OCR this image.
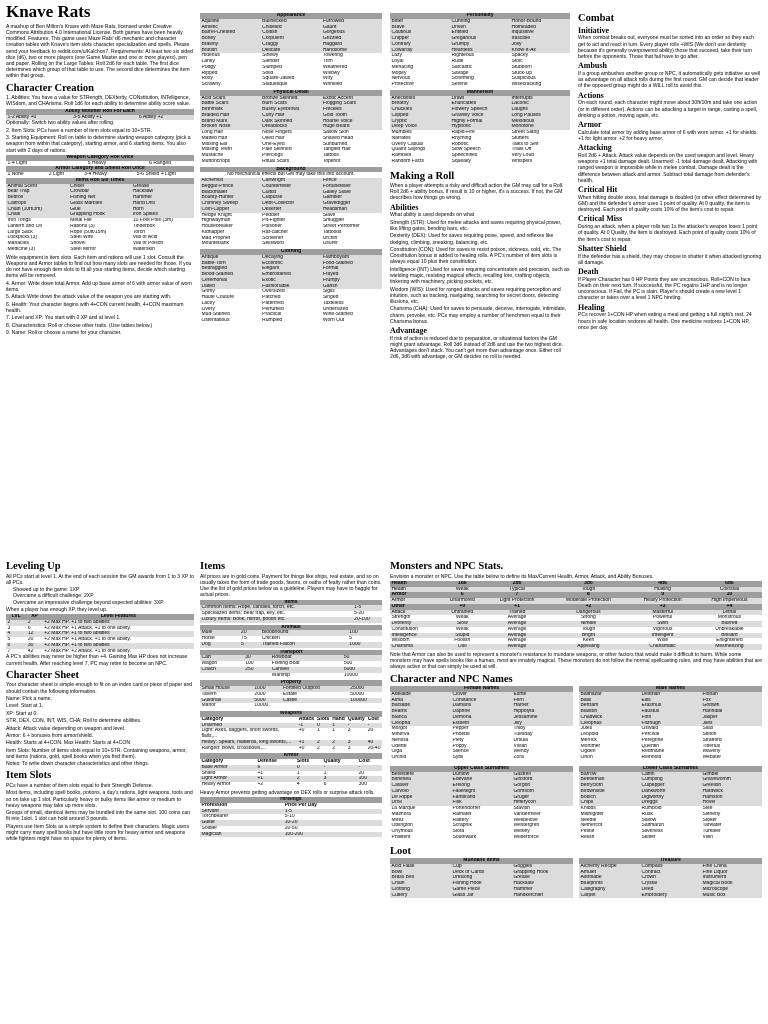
Knave Rats

A mashup of Ben Milton's Knave with Maze Rats, licensed under Creative Commons Attribution 4.0 International License. Both games have been heavily modified. Features: This game uses Maze Rats' d6 mechanic and character creation tables with Knave's item slots character specialization and spells. Please send your feedback to reddit.com/u/Kalchon7. Requirements: At least two six sided dice (d6), two or more players (one Game Master and one or more players), pen and paper. Rolling on the Large Tables: Roll 2d6 for each table. The first dice determines which group of that table to use. The second dice determines the item within that group.

Character Creation

1. Abilities: You have a value for STRength, DEXterity, CONstitution, INTelligence, WISdom, and CHArisma. Roll 1d6 for each ability to determine ability score value.

Ability Modifier Roll For Each
1-2 Ability +0	3-5 Ability +1	6 Ability +2

Optionally: Switch two ability values after rolling.

2. Item Slots: PCs have a number of item slots equal to 10+STR.

3. Starting Equipment: Roll on table to determine starting weapon category (pick a weapon from within that category), starting armor, and 6 starting items. You also start with 2 days of rations.

Weapon Category Roll Once
1-4 Light	5 Heavy	6 Ranged
Armor Category and Shield Roll Once
1 None	2 Light	3-4 Heavy	5-6 Shield + Light
Items Roll Six Times		
Animal Scent	Chisel	Grease
Bear Trap	Crowbar	Hacksaw
Bedroll	Fishing Net	Hammer
Caltrops	Glass Marbles	Hand Drill
Chain (10ft/3m)	Glue	Horn
Chalk	Grappling Hook	Iron Spikes
Iron Tongs	Metal File	10 Foot Pole (3m)
Lantern and Oil	Rations (3)	Tinderbox
Large Sack	Rope (50ft/15m)	Torch
Lockpicks (3)	Steel Wire	Vial of Acid
Manacles	Shovel	Vial of Poison
Medicine (3)	Steel Mirror	Waterskin

Write equipment in item slots. Each item and rations will use 1 slot. Consult the Weapons and Armor tables to find out how many slots are needed for those. If you do not have enough item slots to fit all your starting items, decide which starting items will be removed.

4. Armor: Write down total Armor. Add up base armor of 6 with armor value of worn items.

5. Attack Write down the attack value of the weapon you are starting with.

6. Health: Your character begins with 4+CON current health, 4+CON maximum health.

7. Level and XP: You start with 0 XP and at level 1.

8. Characteristics: Roll or choose other traits. (Use tables below.)

9. Name: Roll or choose a name for your character.

Appearance		
Aquiline	Bullnecked	Furrowed
Athletic	Chiseled	Gaunt
Barrel-Chested	Coltish	Gorgeous
Boney	Corpulent	Grizzled
Brawny	Craggy	Haggard
Brutish	Delicate	Handsome
Hideous	Sinewy	Towering
Lanky	Slender	Trim
Pudgy	Slumped	Weathered
Ripped	Solid	Willowy
Rosy	Square-Jawed	Wiry
Scrawny	Statuesque	Wrinkled
Physical Detail		
Acid Scars	Bronze Skinned	Exotic Accent
Battle Scars	Burn Scars	Flogging Scars
Birthmark	Bushy Eyebrows	Freckles
Braided Hair	Curly Hair	Gold Tooth
Brand Mark	Dark Skinned	Hoarse Voice
Broken Nose	Dreadlocks	Huge Beard
Long Hair	Nose Fingers	Sallow Skin
Matted Hair	Oiled Hair	Shaved Head
Missing Ear	One-Eyed	Sunburned
Missing Teeth	Pale Skinned	Tangled Hair
Mustache	Piercings	Tattoos
Muttonchops	Ritual Scars	Topknot
Background		
No mechanical effects but GM may take this into account.		
Alchemist	Cartwright	Fence
Beggar-Prince	Counterfeiter	Fortuneteller
Blackmailer	Cultist	Galley Slave
Bounty-Hunter	Cutpurse	Gambler
Chimney Sweep	Debt-Collector	Gravedigger
Coin-Clipper	Deserter	Headsman
Hedge Knight	Peddler	Slave
Highwayman	Pit-Fighter	Smuggler
Housebreaker	Poisoner	Street Performer
Kidnapper	Rat-catcher	Tattooist
Mad Prophet	Scrivener	Urchin
Mountebank	Sellsword	Usurer
Clothing		
Antique	Decaying	Flamboyant
Battle-Torn	Eccentric	Food-Stained
Bedraggled	Elegant	Formal
Blood-Stained	Embroidered	Frayed
Ceremonial	Exotic	Frumpy
Dated	Fashionable	Garish
Grimy	Oversized	Sigils
Haute Couture	Patched	Singed
Lacey	Patterned	Tasteless
Livery	Perfumed	Undersized
Mud-Stained	Practical	Wine-Stained
Ostentatious	Rumpled	Worn Out
Personality		
Bitter	Cunning	Honor-Bound
Brave	Driven	Hotheaded
Cautious	Entitled	Inquisitive
Chipper	Gregarious	Irascible
Contrary	Grumpy	Jolly
Cowardly	Heartless	Know-It-All
Lazy	Righteous	Spacey
Loyal	Rude	Stoic
Menacing	Sarcastic	Stubborn
Mopey	Savage	Stuck-Up
Nervous	Scheming	Suspicious
Protective	Serene	Wisecracking
Mannerism		
Anecdotes	Drawl	Interrupts
Breathy	Enunciates	Laconic
Chuckles	Flowery Speech	Laughs
Clipped	Gravelly Voice	Long Pauses
Cryptic	Highly Formal	Melodious
Deep Voice	Hypnotic	Monotone
Mumbles	Rapid-Fire	Street Slang
Narrates	Rhyming	Stutters
Overly Casual	Robotic	Talks to Self
Quaint Sayings	Slow Speech	Trails Off
Rambles	Speechifies	Very Loud
Random Facts	Squeaky	Whispers
Making a Roll

When a player attempts a risky and difficult action the GM may call for a Roll. Roll 2d6 + ability bonus. If result is 10 or higher, it's a success. If not, the GM describes how things go wrong.

Abilities

What ability is used depends on what

Strength (STR): Used for melee attacks and saves requiring physical power, like lifting gates, bending bars, etc.

Dexterity (DEX): Used for saves requiring poise, speed, and reflexes like dodging, climbing, sneaking, balancing, etc.

Constitution (CON): Used for saves to resist poison, sickness, cold, etc. The Constitution bonus is added to healing rolls. A PC's number of item slots is always equal 10 plus their constitution.

Intelligence (INT) Used for saves requiring concentration and precision, such as wielding magic, resisting magical effects, recalling lore, crafting objects, tinkering with machinery, picking pockets, etc.

Wisdom (WIS): Used for ranged attacks and saves requiring perception and intuition, such as tracking, navigating, searching for secret doors, detecting illusions, etc.

Charisma (CHA): Used for saves to persuade, deceive, interrogate, intimidate, charm, provoke, etc. PCs may employ a number of henchmen equal to their Charisma bonus.

Advantage

If risk of action is reduced due to preparation, or situational factors the GM might grant advantage. Roll 3d6 instead of 2d6 and use the two highest dice. Advantages don't stack. You can't get more than advantage once. Either roll 2d6, 3d6 with advantage, or GM decides no roll is needed.

Combat
Initiative

When combat breaks out, everyone must be sorted into an order so they each get to act and react in turn. Every player rolls +WIS (We don't use dexterity because it's generally overpowered ability) those that succeed, take their turn before the opponents. Those that fail have to go after.

Ambush

If a group ambushes another group or NPC, it automatically gets initiative as well as advantage on all attack rolls during the first round. GM can decide that leader of the opposed group might do a WILL roll to avoid this.

Actions

On each round, each character might move about 30ft/10m and take one action (or in different order). Actions can be attacking a target in range, casting a spell, drinking a potion, moving again, etc.

Armor

Calculate total armor by adding base armor of 6 with worn armor. +1 for shields. +1 for light armor. +2 for heavy armor.

Attacking

Roll 2d6 + Attack. Attack value depends on the used weapon and level. Heavy weapons +1 total damage dealt. Unarmed: -1 total damage dealt. Attacking with ranged weapon is impossible while in melee combat. Damage dealt is the difference between attack and armor. Subtract total damage from defender's health.

Critical Hit

When hitting double sixes, total damage is doubled (or other effect determined by GM) and the defender's armor uses 1 point of quality. At 0 quality, the item is destroyed. Each point of quality costs 10% of the item's cost to repair.

Critical Miss

During an attack, when a player rolls two 1s the attacker's weapon loses 1 point of quality. At 0 Quality, the item is destroyed. Each point of quality costs 10% of the item's cost to repair.

Shatter Shield

If the defender has a shield, they may choose to shatter it when attacked ignoring all damage.

Death

If Player Character has 0 HP Points they are unconscious. Roll+CON to face Death on their next turn. If successful, the PC regains 1HP and is no longer unconscious. If Fail, the PC is slain. Player's should create a new level 1 character or takes over a level 1 NPC hireling.

Healing

PCs recover 1+CON HP when eating a meal and getting a full night's rest. 24 hours in safe location restores all health. One medicine restores 1+CON HP, once per day.

Leveling Up

All PCs start at level 1. At the end of each session the GM awards from 1 to 3 XP to all PCs.

• Showed up to the game: 1XP
• Overcame a difficult challenge: 2XP
• Overcame an impressive challenge beyond expected abilities: 3XP

When a player has enough XP, they level up.

LVL	XP	Level Features
2	2	+2 Max HP. +1 to two abilities
3	6	+2 Max HP. +1 Attack. +1 to one ability.
4	12	+2 Max HP. +1 to two abilities
5	20	+2 Max HP. +1 Attack. +1 to one ability.
6	30	+2 Max HP. +1 to two abilities
7	42	+2 Max HP. +2 Attack. +1 to one ability.

A PC's abilities may never be higher than +4. Gaining Max HP does not increase current health. After reaching level 7, PC may retire to become an NPC.

Character Sheet

Your character sheet is simple enough to fit on an index card or piece of paper and should contain the following information.

Name: Pick a name.

Level: Start at 1.

XP: Start at 0.

STR, DEX, CON, INT, WIS, CHA: Roll to determine abilities.

Attack: Attack value depending on weapon and level.

Armor: 6 + bonuses from armor/shield.

Health: Starts at 4+CON. Max Health: Starts at 4+CON

Item Slots: Number of items slots equal to 10+STR. Containing weapons, armor, and items (rations, gold, spell books when you find them).

Notes: To write down character characteristics and other things.

Item Slots

PCs have a number of item slots equal to their Strength Defense.

Most items, including spell books, potions, a day's rations, light weapons, tools and so on take up 1 slot. Particularly heavy or bulky items like armor or medium to heavy weapons may take up more slots.

Groups of small, identical items may be bundled into the same slot. 100 coins can fit into 1slot. 1 slot can hold around 3 pounds.

Players use Item Slots as a simple system to define their characters. Magic users might carry many spell books but have little room for heavy armor and weapons while fighters might have no space for plenty of items.

Items

All prices are in gold coins. Payment for things like ships, real estate, and so on usually takes the form of trade goods, favors, or oaths of fealty rather than coins. Use the list of gold prices below as a guideline. Players may have to haggle for actual prices.

Items	
Common Items: Rope, candles, torch, etc.	1-5
Specialized Items: Bear trap, key, etc.	5-20
Luxury Items: Book, mirror, potion etc.	20-100
Animals			
Mule	20	Bloodhound	100
Horse	75	Chicken	5
Dog	5	Trained Falcon	1000
Transport			
Cart	30	Rowboat	50
Wagon	100	Fishing Boat	500
Coach	250	Caravel	5000
		Warship	10000
Property			
Small House	1000	Fortified Outpost	25000
Tavern	2000	Estate	50000
Guildhall	5000	Castle	100000
Manor	10000		
Weapons					
Category	Attack	Slots	Hand	Quality	Cost
Unarmed	-1	0	1	-	-
Light: Axes, daggers, short swords, flails,...	+0	1	1	3	20
Heavy: Spears, halberds, long swords,...	+1	2	2	3	40
Ranged: Bows, crossbows,...	+0	2	2	3	20-40
Armor				
Category	Defense	Slots	Quality	Cost
Base Armor	6	0	-	-
Shield	+1	1	1	20
Light Armor	+1	2	3	100
Heavy Armor	+2	4	6	300

Heavy Armor prevents getting advantage on DEX rolls or surprise attack rolls.

Hirelings	
Profession	Price Per Day
Servant	1-5
Torchbearer	5-10
Guide	10-20
Soldier	20-50
Magician	100-200
Monsters and NPC Stats.

Envision a monster or NPC. Use the table below to define its Max/Current Health, Armor, Attack, and Ability Bonuses.

Health	1d6	2d6	3d6	4d6	6d6
Health	Weak	Typical	Tough	Hulking	Colossal
Armor	6	7	8	9	10
Armor	Unarmored	Light Protection	Moderate Protection	Heavy Protection	High Impervious
Other	+0	+1	+2	+3	+4
Attack	Untrained	Trained	Dangerous	Masterful	Lethal
Strength	Weak	Average	Strong	Powerful	Monstrous
Dexterity	Slow	Average	Nimble	Swift	Blurred
Constitution	Weak	Average	Tough	Vigorous	Unbreakable
Intelligence	Stupid	Average	Bright	Intelligent	Brilliant
Wisdom	Foolish	Average	Keen	Wise	Enlightened
Charisma	Dull	Average	Appealing	Charismatic	Mesmerizing

Note that Armor can also be used to represent a monster's resistance to mundane weapons, or other factors that would make it difficult to harm. While some monsters may have spells books like a human, most are innately magical. These monsters do not follow the normal spellcasting rules, and may have abilities that are always active or that can simply be used at will.

Character and NPC Names
Female Names		
Adelaide	Clover	Esme
Alma	Constance	Fern
Barsabe	Damaris	Harriet
Beatrix	Daphne	Hippolyta
Bianca	Demona	Jessamine
Cleopha	Elsbeth	Jilly
Morgot	Pepper	Trilby
Minerva	Phoebe	Tuesday
Nerissa	Piety	Ursula
Odette	Poppy	Vivian
Olga	Silence	Wendy
Orchid	Sybil	Zora
Male Names		
Balthazar	Destrian	Florian
Basil	Ellis	Fox
Bertram	Erasmus	Godwin
Blaxton	Faustus	Hannibal
Chadwick	Finn	Jasper
Cleophas	Fitzhugh	Jiles
Jules	Oswald	Silas
Leopold	Percival	Stilton
Merrick	Peregrine	Stratford
Mortimer	Quentin	Tiberius
Ogden	Redmaine	Waverly
Orion	Reinhold	Webster
Upper Class Surnames		
Belvedere	Dunlow	Gastrell
Bithesea	Edevane	Ginsford
Calaver	Erelong	Gorgon
Carvolo	Fallenlight	Grimsorn
De Rippe	Fambrand	Gruger
Droll	Fisk	Hifferycon
La Marque	Portendorfer	Stavish
Malmora	Ramatet	Vandermeer
Mirez	Rattery	Wellbelove
Oblington	Scrapnik	Westergren
Onymous	Slora	Wexley
Phillifent	Southwark	Wilberforce
Lower Class Surnames		
Barrow	Caffin	Gimble
Beetleman	Cumpling	Gravewomm
Berrycloth	Culpepper	Greelish
Birdwhistle	Dankworth	Hardwick
Bobich	Digworthy	Hamston
Chips	Dreggs	Hovel
Knibbs	Rumbold	Slee
Midnighter	Rusk	Slitherly
Needle	Sallow	Stoker
Nethercot	Saltmarsh	Tarwater
Pestle	Silverless	Tumbler
Relish	Skitter	Villin
Loot
Mundane Items		
Acid Flask	Cup	Goggles
Bowl	Deck of Cards	Grappling Hook
Brass Bell	Dressing	Grease
Chain	Fishing Hook	Hacksaw
Clothing	Game Piece	Hammer
Cutlery	Glass Jar	Handkerchief
Treasure		
Alchemy Recipe	Compass	Fine China
Amulet	Contract	Fine Liquor
Astrolabe	Crown	Instrument
Blueprints	Crystal	Magical Book
Calligraphy	Deed	Microscope
Carpet	Embroidery	Music Box
